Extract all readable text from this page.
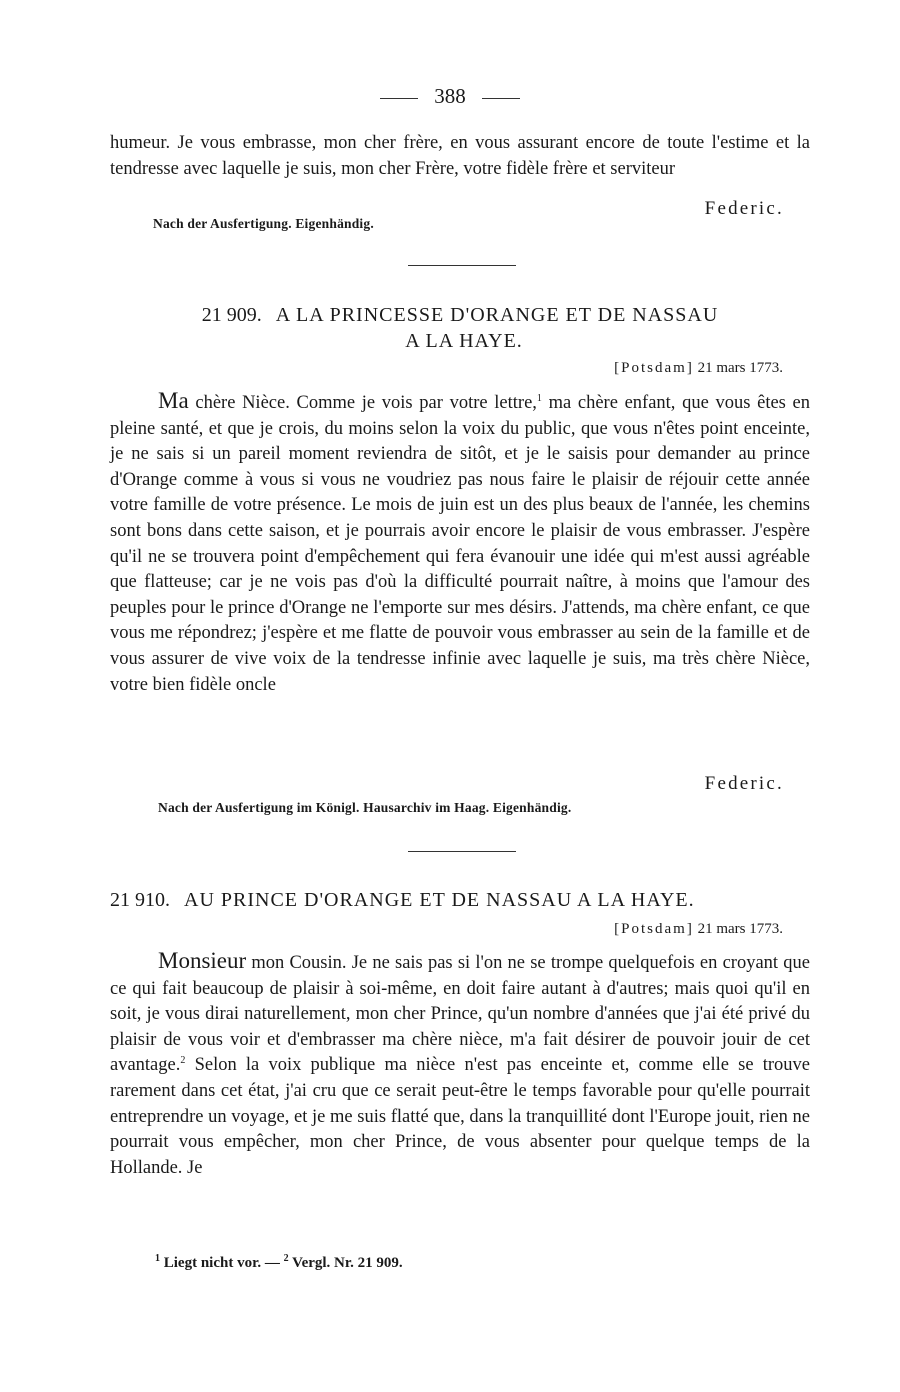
388

humeur. Je vous embrasse, mon cher frère, en vous assurant encore de toute l'estime et la tendresse avec laquelle je suis, mon cher Frère, votre fidèle frère et serviteur

Federic.
Nach der Ausfertigung. Eigenhändig.
21 909. A LA PRINCESSE D'ORANGE ET DE NASSAU
A LA HAYE.
[Potsdam] 21 mars 1773.

Ma chère Nièce. Comme je vois par votre lettre,$^1$ ma chère enfant, que vous êtes en pleine santé, et que je crois, du moins selon la voix du public, que vous n'êtes point enceinte, je ne sais si un pareil moment reviendra de sitôt, et je le saisis pour demander au prince d'Orange comme à vous si vous ne voudriez pas nous faire le plaisir de réjouir cette année votre famille de votre présence. Le mois de juin est un des plus beaux de l'année, les chemins sont bons dans cette saison, et je pourrais avoir encore le plaisir de vous embrasser. J'espère qu'il ne se trouvera point d'empêchement qui fera évanouir une idée qui m'est aussi agréable que flatteuse; car je ne vois pas d'où la difficulté pourrait naître, à moins que l'amour des peuples pour le prince d'Orange ne l'emporte sur mes désirs. J'attends, ma chère enfant, ce que vous me répondrez; j'espère et me flatte de pouvoir vous embrasser au sein de la famille et de vous assurer de vive voix de la tendresse infinie avec laquelle je suis, ma très chère Nièce, votre bien fidèle oncle

Federic.
Nach der Ausfertigung im Königl. Hausarchiv im Haag. Eigenhändig.
21 910. AU PRINCE D'ORANGE ET DE NASSAU A LA HAYE.
[Potsdam] 21 mars 1773.

Monsieur mon Cousin. Je ne sais pas si l'on ne se trompe quelquefois en croyant que ce qui fait beaucoup de plaisir à soi-même, en doit faire autant à d'autres; mais quoi qu'il en soit, je vous dirai naturellement, mon cher Prince, qu'un nombre d'années que j'ai été privé du plaisir de vous voir et d'embrasser ma chère nièce, m'a fait désirer de pouvoir jouir de cet avantage.$^2$ Selon la voix publique ma nièce n'est pas enceinte et, comme elle se trouve rarement dans cet état, j'ai cru que ce serait peut-être le temps favorable pour qu'elle pourrait entreprendre un voyage, et je me suis flatté que, dans la tranquillité dont l'Europe jouit, rien ne pourrait vous empêcher, mon cher Prince, de vous absenter pour quelque temps de la Hollande. Je

$^1$ Liegt nicht vor. — $^2$ Vergl. Nr. 21 909.
